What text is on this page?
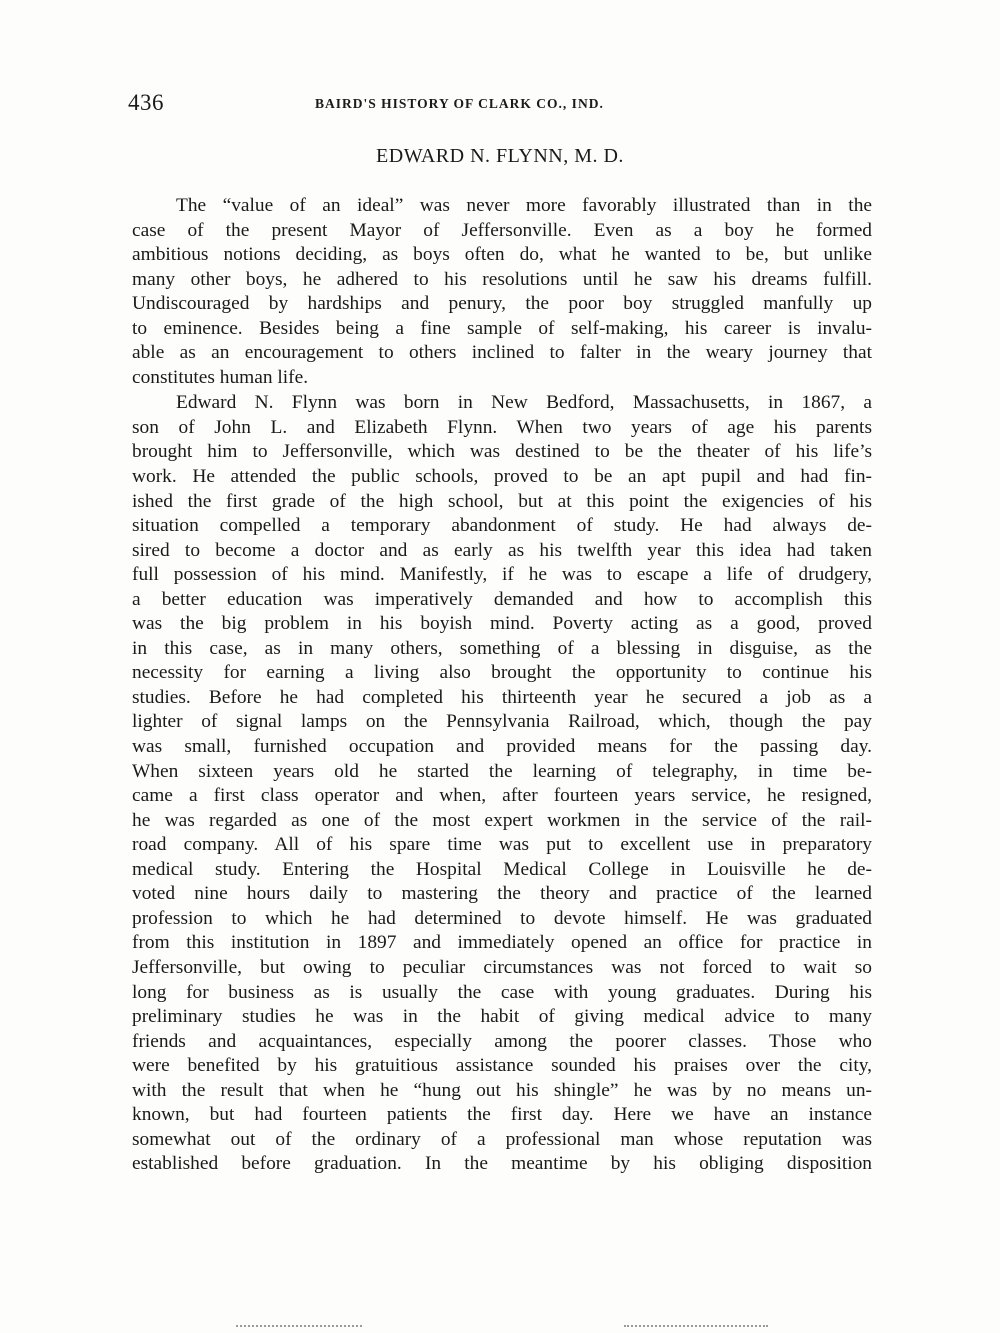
436	BAIRD'S HISTORY OF CLARK CO., IND.
EDWARD N. FLYNN, M. D.
The “value of an ideal” was never more favorably illustrated than in the
case of the present Mayor of Jeffersonville. Even as a boy he formed
ambitious notions deciding, as boys often do, what he wanted to be, but unlike
many other boys, he adhered to his resolutions until he saw his dreams fulfill.
Undiscouraged by hardships and penury, the poor boy struggled manfully up
to eminence. Besides being a fine sample of self-making, his career is invalu-
able as an encouragement to others inclined to falter in the weary journey that
constitutes human life.
Edward N. Flynn was born in New Bedford, Massachusetts, in 1867, a
son of John L. and Elizabeth Flynn. When two years of age his parents
brought him to Jeffersonville, which was destined to be the theater of his life’s
work. He attended the public schools, proved to be an apt pupil and had fin-
ished the first grade of the high school, but at this point the exigencies of his
situation compelled a temporary abandonment of study. He had always de-
sired to become a doctor and as early as his twelfth year this idea had taken
full possession of his mind. Manifestly, if he was to escape a life of drudgery,
a better education was imperatively demanded and how to accomplish this
was the big problem in his boyish mind. Poverty acting as a good, proved
in this case, as in many others, something of a blessing in disguise, as the
necessity for earning a living also brought the opportunity to continue his
studies. Before he had completed his thirteenth year he secured a job as a
lighter of signal lamps on the Pennsylvania Railroad, which, though the pay
was small, furnished occupation and provided means for the passing day.
When sixteen years old he started the learning of telegraphy, in time be-
came a first class operator and when, after fourteen years service, he resigned,
he was regarded as one of the most expert workmen in the service of the rail-
road company. All of his spare time was put to excellent use in preparatory
medical study. Entering the Hospital Medical College in Louisville he de-
voted nine hours daily to mastering the theory and practice of the learned
profession to which he had determined to devote himself. He was graduated
from this institution in 1897 and immediately opened an office for practice in
Jeffersonville, but owing to peculiar circumstances was not forced to wait so
long for business as is usually the case with young graduates. During his
preliminary studies he was in the habit of giving medical advice to many
friends and acquaintances, especially among the poorer classes. Those who
were benefited by his gratuitious assistance sounded his praises over the city,
with the result that when he “hung out his shingle” he was by no means un-
known, but had fourteen patients the first day. Here we have an instance
somewhat out of the ordinary of a professional man whose reputation was
established before graduation. In the meantime by his obliging disposition
